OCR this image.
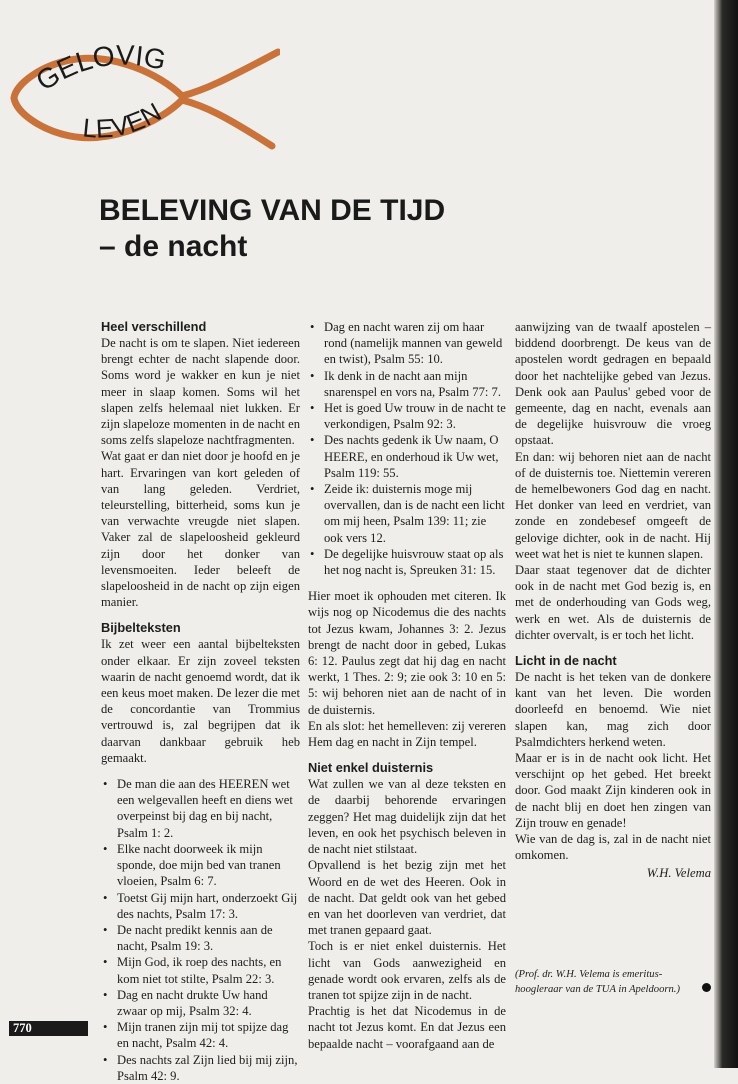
GELOVIG
LEVEN
BELEVING VAN DE TIJD
– de nacht
Heel verschillend

De nacht is om te slapen. Niet iedereen brengt echter de nacht slapende door. Soms word je wakker en kun je niet meer in slaap komen. Soms wil het slapen zelfs helemaal niet lukken. Er zijn slapeloze momenten in de nacht en soms zelfs slapeloze nachtfragmenten.

Wat gaat er dan niet door je hoofd en je hart. Ervaringen van kort geleden of van lang geleden. Verdriet, teleurstelling, bitterheid, soms kun je van verwachte vreugde niet slapen. Vaker zal de slapeloosheid gekleurd zijn door het donker van levensmoeiten. Ieder beleeft de slapeloosheid in de nacht op zijn eigen manier.

Bijbelteksten

Ik zet weer een aantal bijbelteksten onder elkaar. Er zijn zoveel teksten waarin de nacht genoemd wordt, dat ik een keus moet maken. De lezer die met de concordantie van Trommius vertrouwd is, zal begrijpen dat ik daarvan dankbaar gebruik heb gemaakt.

• De man die aan des HEEREN wet een welgevallen heeft en diens wet overpeinst bij dag en bij nacht, Psalm 1: 2.
• Elke nacht doorweek ik mijn sponde, doe mijn bed van tranen vloeien, Psalm 6: 7.
• Toetst Gij mijn hart, onderzoekt Gij des nachts, Psalm 17: 3.
• De nacht predikt kennis aan de nacht, Psalm 19: 3.
• Mijn God, ik roep des nachts, en kom niet tot stilte, Psalm 22: 3.
• Dag en nacht drukte Uw hand zwaar op mij, Psalm 32: 4.
• Mijn tranen zijn mij tot spijze dag en nacht, Psalm 42: 4.
• Des nachts zal Zijn lied bij mij zijn, Psalm 42: 9.
• Dag en nacht waren zij om haar rond (namelijk mannen van geweld en twist), Psalm 55: 10.
• Ik denk in de nacht aan mijn snarenspel en vors na, Psalm 77: 7.
• Het is goed Uw trouw in de nacht te verkondigen, Psalm 92: 3.
• Des nachts gedenk ik Uw naam, O HEERE, en onderhoud ik Uw wet, Psalm 119: 55.
• Zeide ik: duisternis moge mij overvallen, dan is de nacht een licht om mij heen, Psalm 139: 11; zie ook vers 12.
• De degelijke huisvrouw staat op als het nog nacht is, Spreuken 31: 15.

Hier moet ik ophouden met citeren. Ik wijs nog op Nicodemus die des nachts tot Jezus kwam, Johannes 3: 2. Jezus brengt de nacht door in gebed, Lukas 6: 12. Paulus zegt dat hij dag en nacht werkt, 1 Thes. 2: 9; zie ook 3: 10 en 5: 5: wij behoren niet aan de nacht of in de duisternis.

En als slot: het hemelleven: zij vereren Hem dag en nacht in Zijn tempel.

Niet enkel duisternis

Wat zullen we van al deze teksten en de daarbij behorende ervaringen zeggen? Het mag duidelijk zijn dat het leven, en ook het psychisch beleven in de nacht niet stilstaat.

Opvallend is het bezig zijn met het Woord en de wet des Heeren. Ook in de nacht. Dat geldt ook van het gebed en van het doorleven van verdriet, dat met tranen gepaard gaat.

Toch is er niet enkel duisternis. Het licht van Gods aanwezigheid en genade wordt ook ervaren, zelfs als de tranen tot spijze zijn in de nacht.

Prachtig is het dat Nicodemus in de nacht tot Jezus komt. En dat Jezus een bepaalde nacht – voorafgaand aan de

aanwijzing van de twaalf apostelen – biddend doorbrengt. De keus van de apostelen wordt gedragen en bepaald door het nachtelijke gebed van Jezus. Denk ook aan Paulus' gebed voor de gemeente, dag en nacht, evenals aan de degelijke huisvrouw die vroeg opstaat.

En dan: wij behoren niet aan de nacht of de duisternis toe. Niettemin vereren de hemelbewoners God dag en nacht. Het donker van leed en verdriet, van zonde en zondebesef omgeeft de gelovige dichter, ook in de nacht. Hij weet wat het is niet te kunnen slapen.

Daar staat tegenover dat de dichter ook in de nacht met God bezig is, en met de onderhouding van Gods weg, werk en wet. Als de duisternis de dichter overvalt, is er toch het licht.

Licht in de nacht

De nacht is het teken van de donkere kant van het leven. Die worden doorleefd en benoemd. Wie niet slapen kan, mag zich door Psalmdichters herkend weten.

Maar er is in de nacht ook licht. Het verschijnt op het gebed. Het breekt door. God maakt Zijn kinderen ook in de nacht blij en doet hen zingen van Zijn trouw en genade!

Wie van de dag is, zal in de nacht niet omkomen.

W.H. Velema

(Prof. dr. W.H. Velema is emeritus-hoogleraar van de TUA in Apeldoorn.)

770
